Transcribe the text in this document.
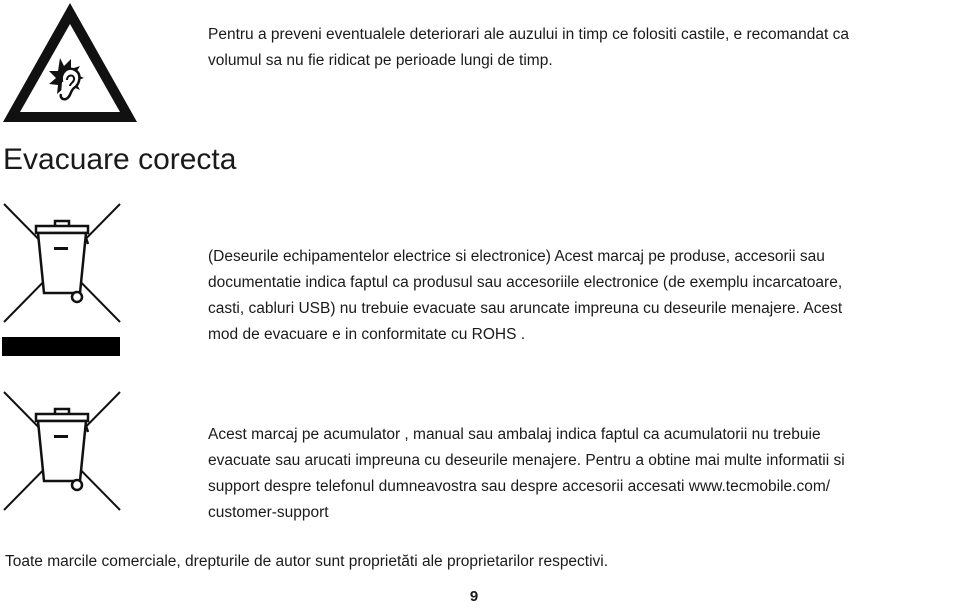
Pentru a preveni eventualele deteriorari ale auzului in timp ce folositi castile, e recomandat ca
volumul sa nu fie ridicat pe perioade lungi de timp.
Evacuare corecta
(Deseurile echipamentelor electrice si electronice) Acest marcaj pe produse, accesorii sau
documentatie indica faptul ca produsul sau accesoriile electronice (de exemplu incarcatoare,
casti, cabluri USB) nu trebuie evacuate sau aruncate impreuna cu deseurile menajere. Acest
mod de evacuare e in conformitate cu ROHS .
Acest marcaj pe acumulator , manual sau ambalaj indica faptul ca acumulatorii nu trebuie
evacuate sau arucati impreuna cu deseurile menajere. Pentru a obtine mai multe informatii si
support despre telefonul dumneavostra sau despre accesorii accesati www.tecmobile.com/
customer-support
Toate marcile comerciale, drepturile de autor sunt proprietăti ale proprietarilor respectivi.
9
